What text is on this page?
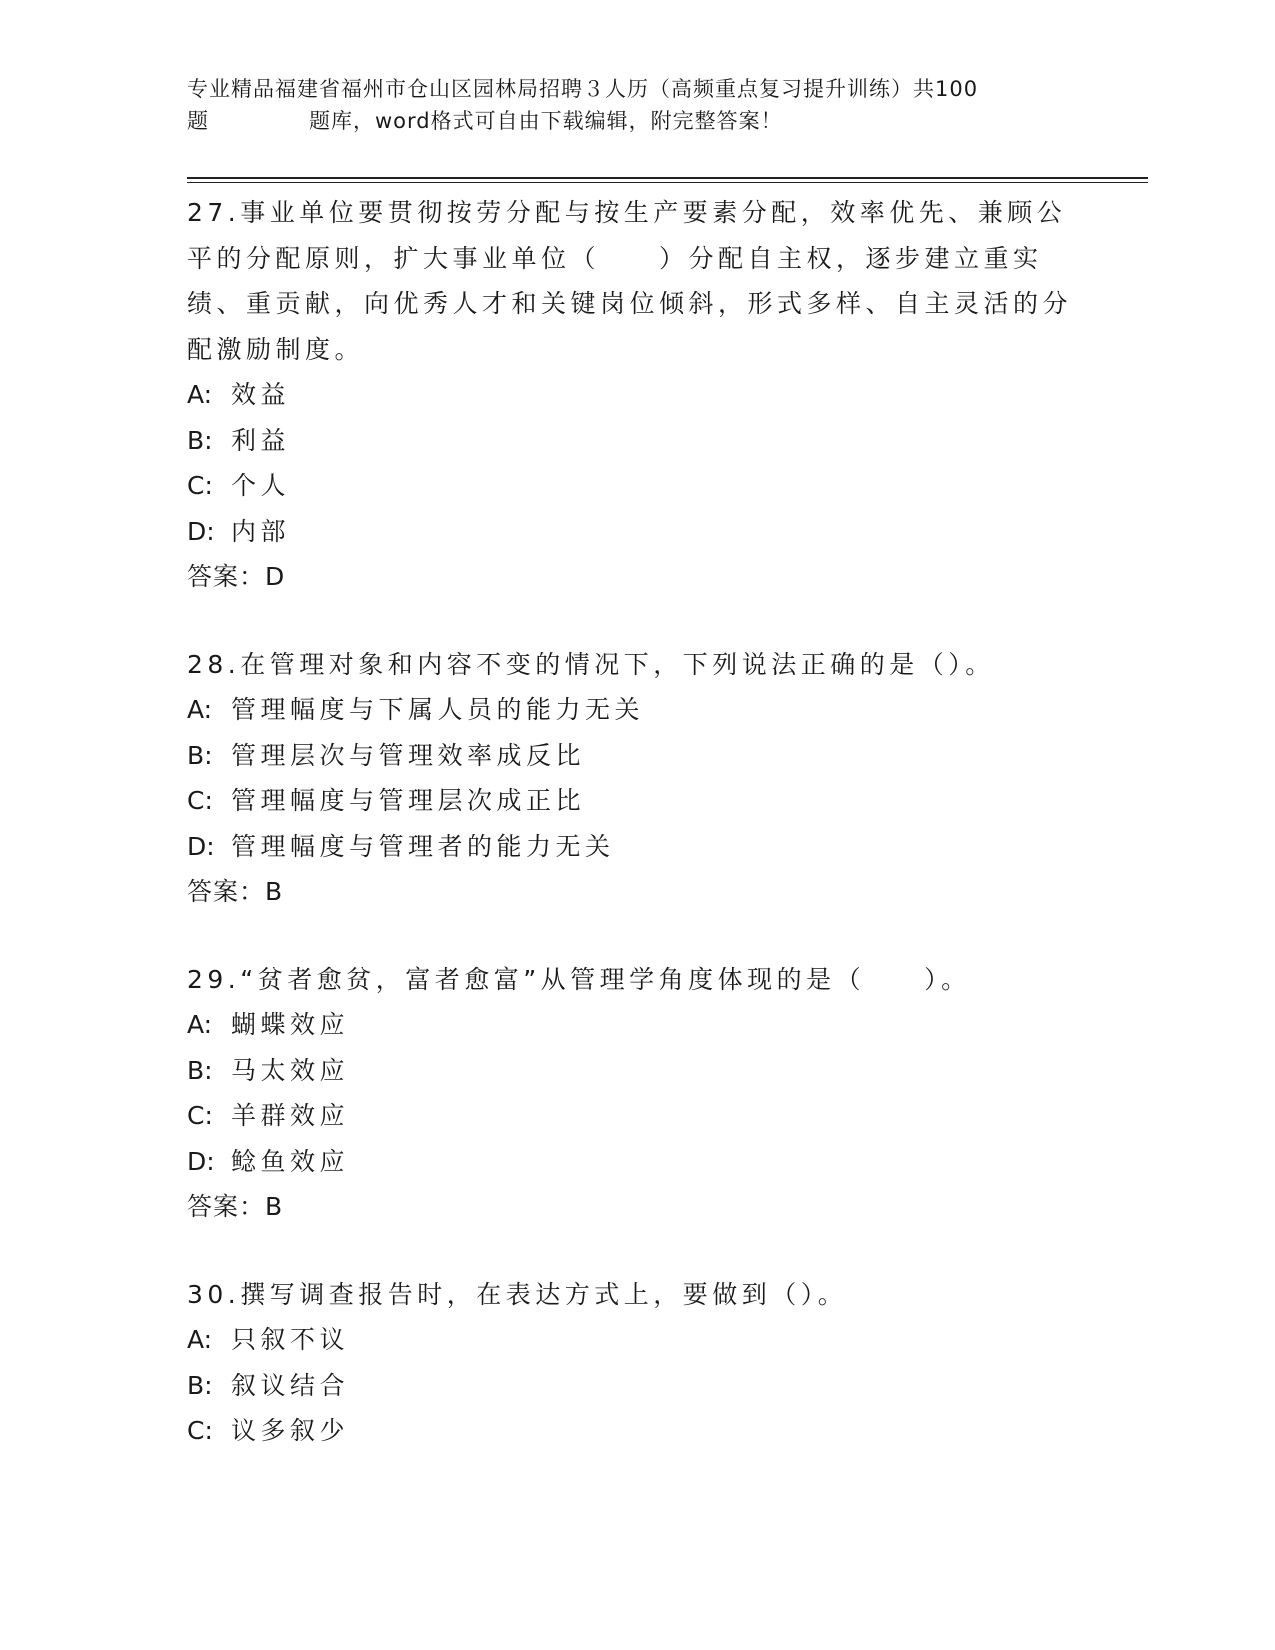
专业精品福建省福州市仓山区园林局招聘３人历（高频重点复习提升训练）共100
题	题库，word格式可自由下载编辑，附完整答案！

27.事业单位要贯彻按劳分配与按生产要素分配，效率优先、兼顾公平的分配原则，扩大事业单位（　　）分配自主权，逐步建立重实绩、重贡献，向优秀人才和关键岗位倾斜，形式多样、自主灵活的分配激励制度。

A: 效益

B: 利益

C: 个人

D: 内部

答案：D

28.在管理对象和内容不变的情况下，下列说法正确的是（）。

A: 管理幅度与下属人员的能力无关

B: 管理层次与管理效率成反比

C: 管理幅度与管理层次成正比

D: 管理幅度与管理者的能力无关

答案：B

29.“贫者愈贫，富者愈富”从管理学角度体现的是（　　）。

A: 蝴蝶效应

B: 马太效应

C: 羊群效应

D: 鲶鱼效应

答案：B

30.撰写调查报告时，在表达方式上，要做到（）。

A: 只叙不议

B: 叙议结合

C: 议多叙少
